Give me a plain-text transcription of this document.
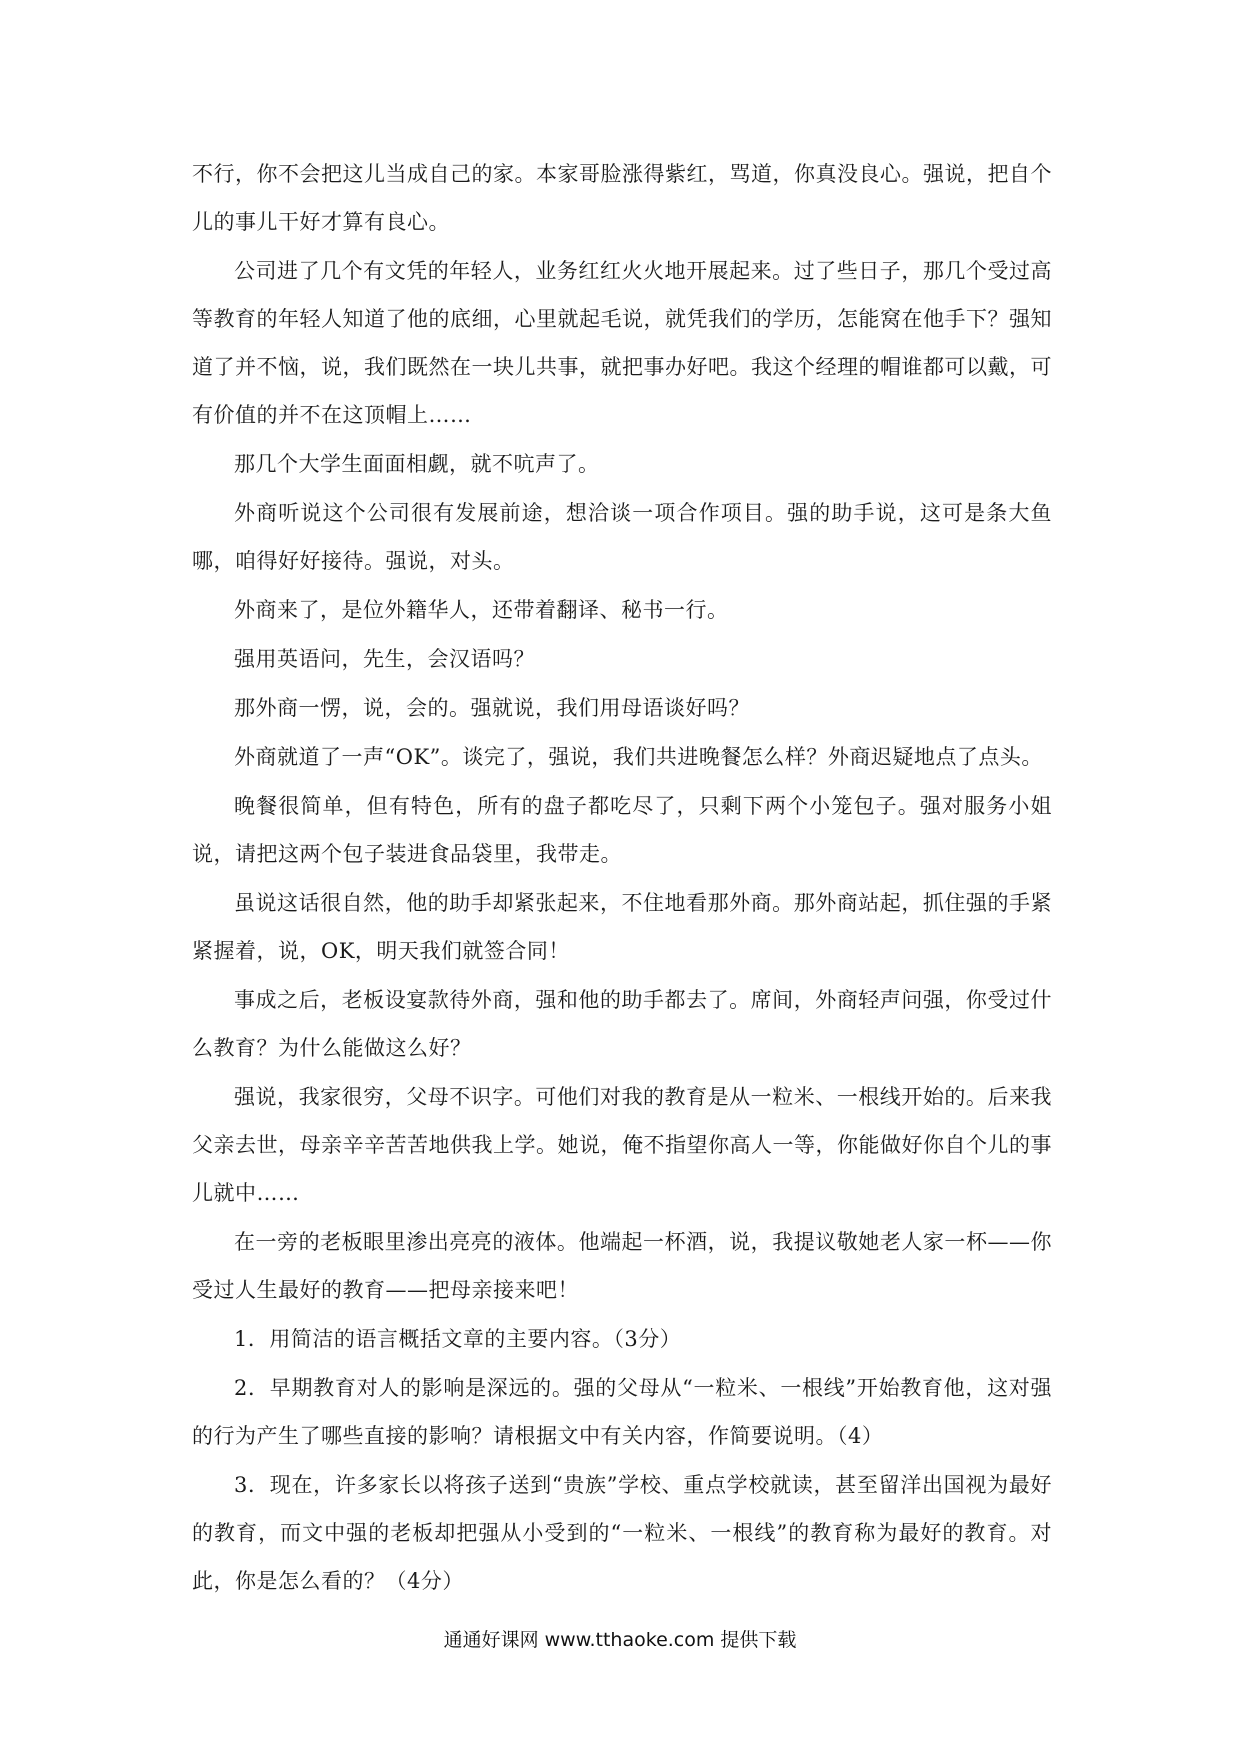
不行，你不会把这儿当成自己的家。本家哥脸涨得紫红，骂道，你真没良心。强说，把自个儿的事儿干好才算有良心。

公司进了几个有文凭的年轻人，业务红红火火地开展起来。过了些日子，那几个受过高等教育的年轻人知道了他的底细，心里就起毛说，就凭我们的学历，怎能窝在他手下？强知道了并不恼，说，我们既然在一块儿共事，就把事办好吧。我这个经理的帽谁都可以戴，可有价值的并不在这顶帽上……

那几个大学生面面相觑，就不吭声了。

外商听说这个公司很有发展前途，想洽谈一项合作项目。强的助手说，这可是条大鱼哪，咱得好好接待。强说，对头。

外商来了，是位外籍华人，还带着翻译、秘书一行。

强用英语问，先生，会汉语吗？

那外商一愣，说，会的。强就说，我们用母语谈好吗？

外商就道了一声“OK”。谈完了，强说，我们共进晚餐怎么样？外商迟疑地点了点头。

晚餐很简单，但有特色，所有的盘子都吃尽了，只剩下两个小笼包子。强对服务小姐说，请把这两个包子装进食品袋里，我带走。

虽说这话很自然，他的助手却紧张起来，不住地看那外商。那外商站起，抓住强的手紧紧握着，说，OK，明天我们就签合同！

事成之后，老板设宴款待外商，强和他的助手都去了。席间，外商轻声问强，你受过什么教育？为什么能做这么好？

强说，我家很穷，父母不识字。可他们对我的教育是从一粒米、一根线开始的。后来我父亲去世，母亲辛辛苦苦地供我上学。她说，俺不指望你高人一等，你能做好你自个儿的事儿就中……

在一旁的老板眼里渗出亮亮的液体。他端起一杯酒，说，我提议敬她老人家一杯——你受过人生最好的教育——把母亲接来吧！

1．用简洁的语言概括文章的主要内容。（3分）

2．早期教育对人的影响是深远的。强的父母从“一粒米、一根线”开始教育他，这对强的行为产生了哪些直接的影响？请根据文中有关内容，作简要说明。（4）

3．现在，许多家长以将孩子送到“贵族”学校、重点学校就读，甚至留洋出国视为最好的教育，而文中强的老板却把强从小受到的“一粒米、一根线”的教育称为最好的教育。对此，你是怎么看的？（4分）

通通好课网 www.tthaoke.com 提供下载
